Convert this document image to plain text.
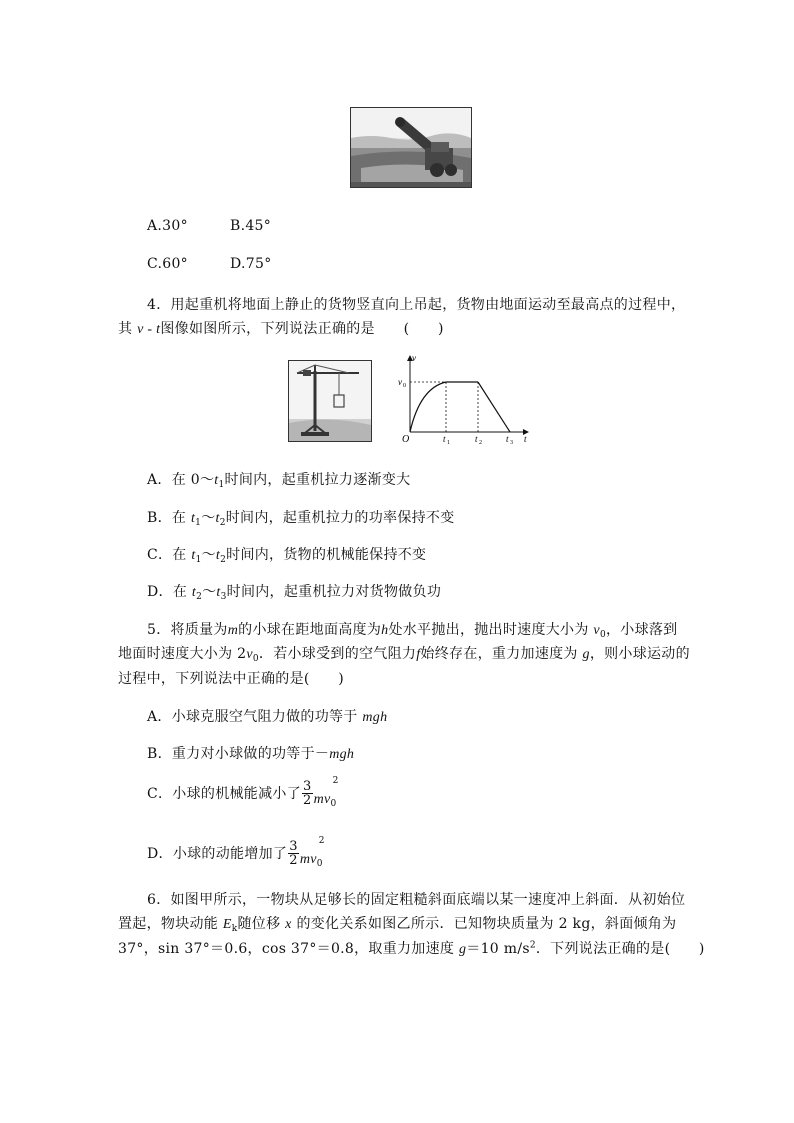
A.30°	B.45°
C.60°	D.75°
4．用起重机将地面上静止的货物竖直向上吊起，货物由地面运动至最高点的过程中，
其 v - t图像如图所示，下列说法正确的是 (　　)
v
t
O
v 0
t 1	t 2	t 3
A．在 $0\sim t_1$时间内，起重机拉力逐渐变大
B．在 $t_1\sim t_2$时间内，起重机拉力的功率保持不变
C．在 $t_1\sim t_2$时间内，货物的机械能保持不变
D．在 $t_2\sim t_3$时间内，起重机拉力对货物做负功
5．将质量为m的小球在距地面高度为h处水平抛出，抛出时速度大小为 $v_0$，小球落到
地面时速度大小为 $2v_0$．若小球受到的空气阻力f始终存在，重力加速度为 g，则小球运动的
过程中，下列说法中正确的是(　　)
A．小球克服空气阻力做的功等于 mgh
B．重力对小球做的功等于－mgh
C．小球的机械能减小了 $\frac{3}{2} mv_0^2$
D．小球的动能增加了 $\frac{3}{2} mv_0^2$
6．如图甲所示，一物块从足够长的固定粗糙斜面底端以某一速度冲上斜面．从初始位
置起，物块动能 $E_k$随位移 x 的变化关系如图乙所示．已知物块质量为 2 kg，斜面倾角为
37°，sin 37°＝0.6，cos 37°＝0.8，取重力加速度 g＝10 $m/s^2$．下列说法正确的是(　　)
